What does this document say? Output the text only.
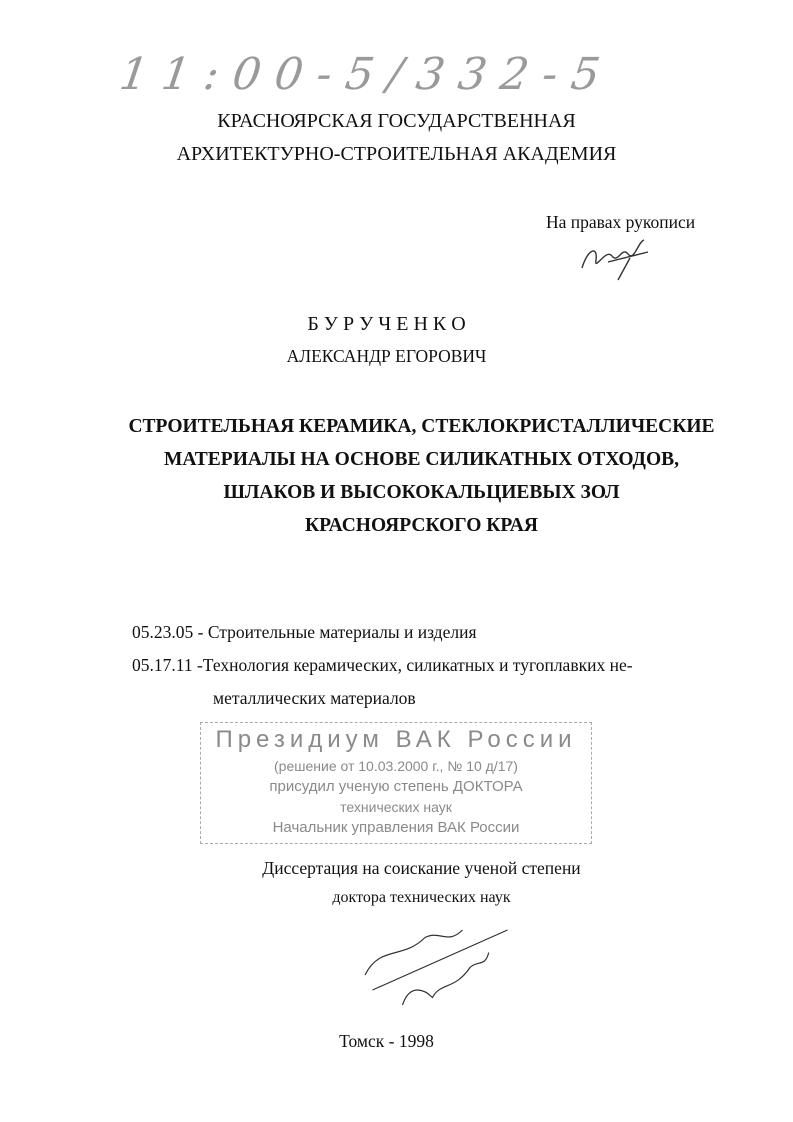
11:00-5/332-5
КРАСНОЯРСКАЯ ГОСУДАРСТВЕННАЯ
АРХИТЕКТУРНО-СТРОИТЕЛЬНАЯ АКАДЕМИЯ
На правах рукописи
Б У Р У Ч Е Н К О
АЛЕКСАНДР ЕГОРОВИЧ
СТРОИТЕЛЬНАЯ КЕРАМИКА, СТЕКЛОКРИСТАЛЛИЧЕСКИЕ
МАТЕРИАЛЫ НА ОСНОВЕ СИЛИКАТНЫХ ОТХОДОВ,
ШЛАКОВ И ВЫСОКОКАЛЬЦИЕВЫХ ЗОЛ
КРАСНОЯРСКОГО КРАЯ
05.23.05 - Строительные материалы и изделия
05.17.11 -Технология керамических, силикатных и тугоплавких не-
металлических материалов
Президиум ВАК России
(решение от 10.03.2000 г., № 10 д/17)
присудил ученую степень ДОКТОРА
технических наук
Начальник управления ВАК России
Диссертация на соискание ученой степени
доктора технических наук
Томск - 1998
